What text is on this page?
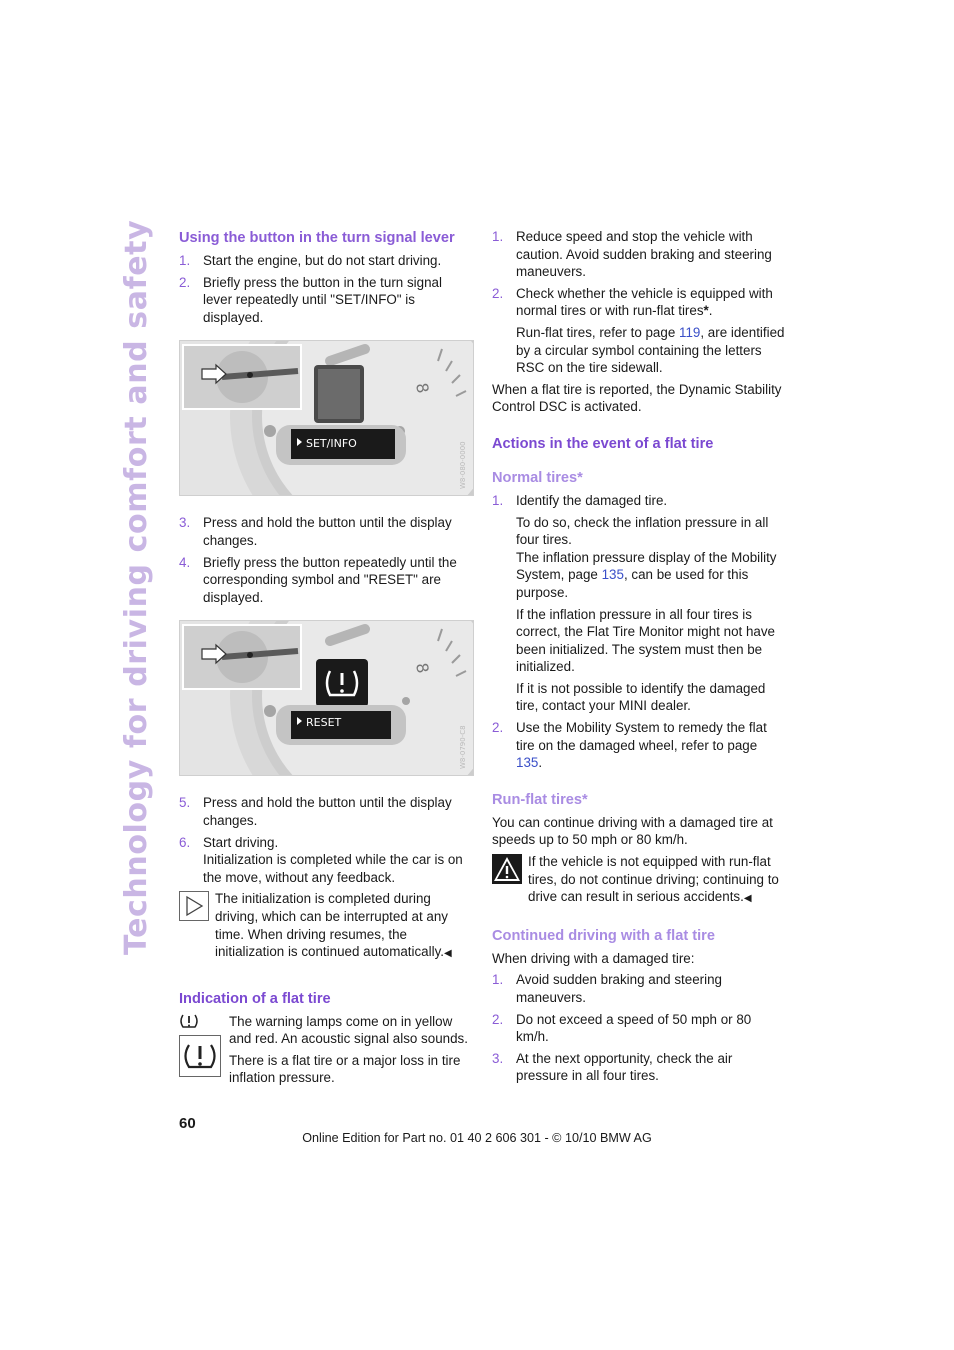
Technology for driving comfort and safety Using the button in the turn signal lever
1. Start the engine, but do not start driving.
2. Briefly press the button in the turn signal lever repeatedly until "SET/INFO" is displayed.
8
SET/INFO	W8-080-0000
3. Press and hold the button until the display changes.
4. Briefly press the button repeatedly until the corresponding symbol and "RESET" are displayed.
8
RESET
W8-0790-C8
5. Press and hold the button until the display changes.
6. Start driving.
Initialization is completed while the car is on the move, without any feedback.
The initialization is completed during driving, which can be interrupted at any time. When driving resumes, the initialization is continued automatically.◀
Indication of a flat tire

The warning lamps come on in yellow and red. An acoustic signal also sounds.

There is a flat tire or a major loss in tire inflation pressure.

1. Reduce speed and stop the vehicle with caution. Avoid sudden braking and steering maneuvers.
2. Check whether the vehicle is equipped with normal tires or with run-flat tires*.

Run-flat tires, refer to page 119, are identified by a circular symbol containing the letters RSC on the tire sidewall.

When a flat tire is reported, the Dynamic Stability Control DSC is activated.

Actions in the event of a flat tire
Normal tires*
1. Identify the damaged tire.

To do so, check the inflation pressure in all four tires.

The inflation pressure display of the Mobility System, page 135, can be used for this purpose.

If the inflation pressure in all four tires is correct, the Flat Tire Monitor might not have been initialized. The system must then be initialized.

If it is not possible to identify the damaged tire, contact your MINI dealer.

2. Use the Mobility System to remedy the flat tire on the damaged wheel, refer to page 135.
Run-flat tires*

You can continue driving with a damaged tire at speeds up to 50 mph or 80 km/h.

If the vehicle is not equipped with run-flat tires, do not continue driving; continuing to drive can result in serious accidents.◀
Continued driving with a flat tire

When driving with a damaged tire:

1. Avoid sudden braking and steering maneuvers.
2. Do not exceed a speed of 50 mph or 80 km/h.
3. At the next opportunity, check the air pressure in all four tires.
60
Online Edition for Part no. 01 40 2 606 301 - © 10/10 BMW AG
